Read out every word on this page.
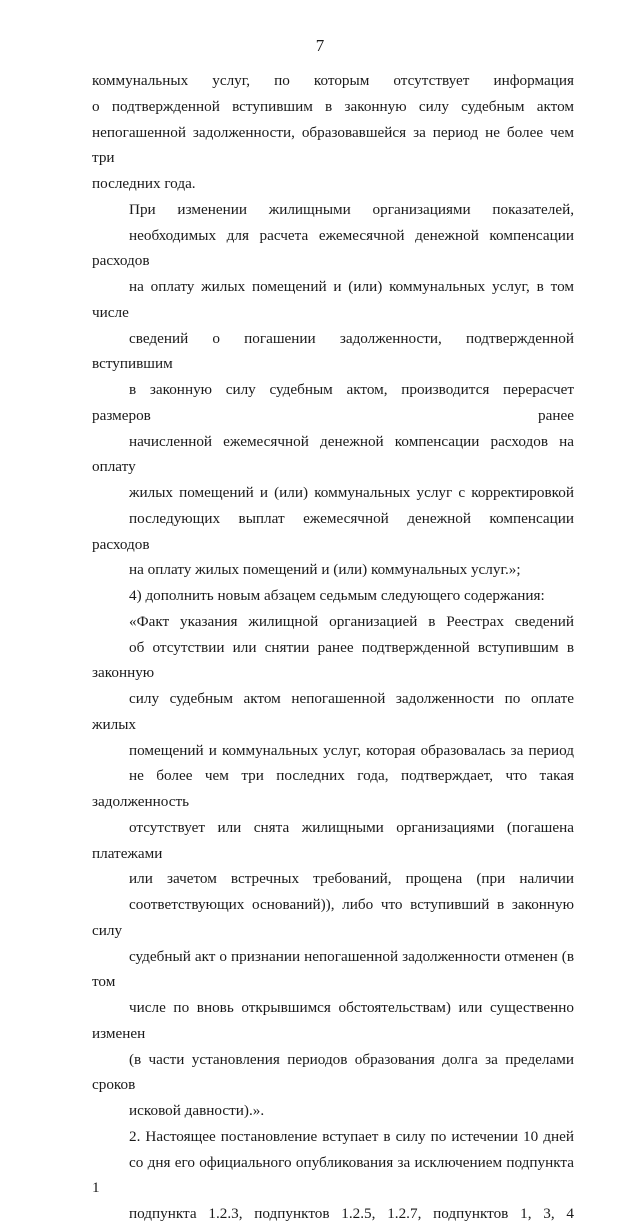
7
коммунальных услуг, по которым отсутствует информация
о подтвержденной вступившим в законную силу судебным актом
непогашенной задолженности, образовавшейся за период не более чем три
последних года.
При изменении жилищными организациями показателей,
необходимых для расчета ежемесячной денежной компенсации расходов
на оплату жилых помещений и (или) коммунальных услуг, в том числе
сведений о погашении задолженности, подтвержденной вступившим
в законную силу судебным актом, производится перерасчет размеров ранее
начисленной ежемесячной денежной компенсации расходов на оплату
жилых помещений и (или) коммунальных услуг с корректировкой
последующих выплат ежемесячной денежной компенсации расходов
на оплату жилых помещений и (или) коммунальных услуг.»;
4) дополнить новым абзацем седьмым следующего содержания:
«Факт указания жилищной организацией в Реестрах сведений
об отсутствии или снятии ранее подтвержденной вступившим в законную
силу судебным актом непогашенной задолженности по оплате жилых
помещений и коммунальных услуг, которая образовалась за период
не более чем три последних года, подтверждает, что такая задолженность
отсутствует или снята жилищными организациями (погашена платежами
или зачетом встречных требований, прощена (при наличии
соответствующих оснований)), либо что вступивший в законную силу
судебный акт о признании непогашенной задолженности отменен (в том
числе по вновь открывшимся обстоятельствам) или существенно изменен
(в части установления периодов образования долга за пределами сроков
исковой давности).».
2. Настоящее постановление вступает в силу по истечении 10 дней
со дня его официального опубликования за исключением подпункта 1
подпункта 1.2.3, подпунктов 1.2.5, 1.2.7, подпунктов 1, 3, 4
